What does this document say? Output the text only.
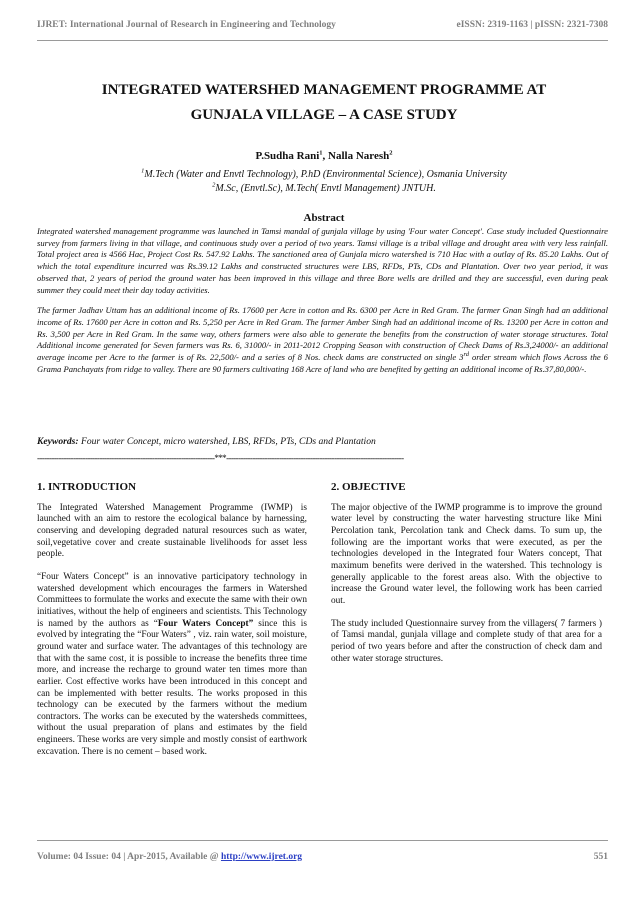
IJRET: International Journal of Research in Engineering and Technology	eISSN: 2319-1163 | pISSN: 2321-7308
INTEGRATED WATERSHED MANAGEMENT PROGRAMME AT
GUNJALA VILLAGE – A CASE STUDY
P.Sudha Rani$^1$, Nalla Naresh$^2$
$^1$M.Tech (Water and Envtl Technology), P.hD (Environmental Science), Osmania University
$^2$M.Sc, (Envtl.Sc), M.Tech( Envtl Management) JNTUH.
Abstract

Integrated watershed management programme was launched in Tamsi mandal of gunjala village by using 'Four water Concept'. Case study included Questionnaire survey from farmers living in that village, and continuous study over a period of two years. Tamsi village is a tribal village and drought area with very less rainfall. Total project area is 4566 Hac, Project Cost Rs. 547.92 Lakhs. The sanctioned area of Gunjala micro watershed is 710 Hac with a outlay of Rs. 85.20 Lakhs. Out of which the total expenditure incurred was Rs.39.12 Lakhs and constructed structures were LBS, RFDs, PTs, CDs and Plantation. Over two year period, it was observed that, 2 years of period the ground water has been improved in this village and three Bore wells are drilled and they are successful, even during peak summer they could meet their day today activities.

The farmer Jadhav Uttam has an additional income of Rs. 17600 per Acre in cotton and Rs. 6300 per Acre in Red Gram. The farmer Gnan Singh had an additional income of Rs. 17600 per Acre in cotton and Rs. 5,250 per Acre in Red Gram. The farmer Amber Singh had an additional income of Rs. 13200 per Acre in cotton and Rs. 3,500 per Acre in Red Gram. In the same way, others farmers were also able to generate the benefits from the construction of water storage structures. Total Additional income generated for Seven farmers was Rs. 6, 31000/- in 2011-2012 Cropping Season with construction of Check Dams of Rs.3,24000/- an additional average income per Acre to the farmer is of Rs. 22,500/- and a series of 8 Nos. check dams are constructed on single 3rd order stream which flows Across the 6 Grama Panchayats from ridge to valley. There are 90 farmers cultivating 168 Acre of land who are benefited by getting an additional income of Rs.37,80,000/-.

Keywords: Four water Concept, micro watershed, LBS, RFDs, PTs, CDs and Plantation
--------------------------------------------------------------------------***--------------------------------------------------------------------------
1. INTRODUCTION

The Integrated Watershed Management Programme (IWMP) is launched with an aim to restore the ecological balance by harnessing, conserving and developing degraded natural resources such as water, soil,vegetative cover and create sustainable livelihoods for asset less people.

“Four Waters Concept” is an innovative participatory technology in watershed development which encourages the farmers in Watershed Committees to formulate the works and execute the same with their own initiatives, without the help of engineers and scientists. This Technology is named by the authors as “Four Waters Concept” since this is evolved by integrating the “Four Waters” , viz. rain water, soil moisture, ground water and surface water. The advantages of this technology are that with the same cost, it is possible to increase the benefits three time more, and increase the recharge to ground water ten times more than earlier. Cost effective works have been introduced in this concept and can be implemented with better results. The works proposed in this technology can be executed by the farmers without the medium contractors. The works can be executed by the watersheds committees, without the usual preparation of plans and estimates by the field engineers. These works are very simple and mostly consist of earthwork excavation. There is no cement – based work.

2. OBJECTIVE

The major objective of the IWMP programme is to improve the ground water level by constructing the water harvesting structure like Mini Percolation tank, Percolation tank and Check dams. To sum up, the following are the important works that were executed, as per the technologies developed in the Integrated four Waters concept, That maximum benefits were derived in the watershed. This technology is generally applicable to the forest areas also. With the objective to increase the Ground water level, the following work has been carried out.

The study included Questionnaire survey from the villagers( 7 farmers ) of Tamsi mandal, gunjala village and complete study of that area for a period of two years before and after the construction of check dam and other water storage structures.

Volume: 04 Issue: 04 | Apr-2015, Available @ http://www.ijret.org	551
